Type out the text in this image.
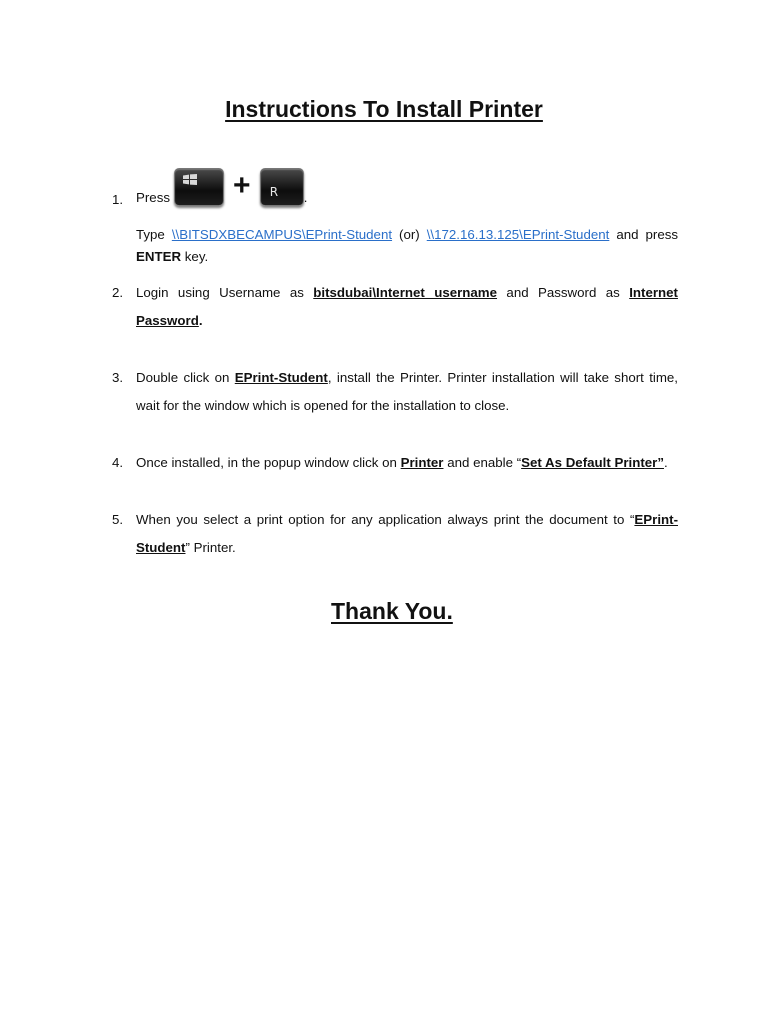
Instructions To Install Printer
1. Press +	R .
Type \\BITSDXBECAMPUS\EPrint-Student (or) \\172.16.13.125\EPrint-Student and press ENTER key.
2. Login using Username as bitsdubai\Internet username and Password as Internet Password.
3. Double click on EPrint-Student, install the Printer. Printer installation will take short time, wait for the window which is opened for the installation to close.
4. Once installed, in the popup window click on Printer and enable “Set As Default Printer”.
5. When you select a print option for any application always print the document to “EPrint-Student” Printer.
Thank You.
